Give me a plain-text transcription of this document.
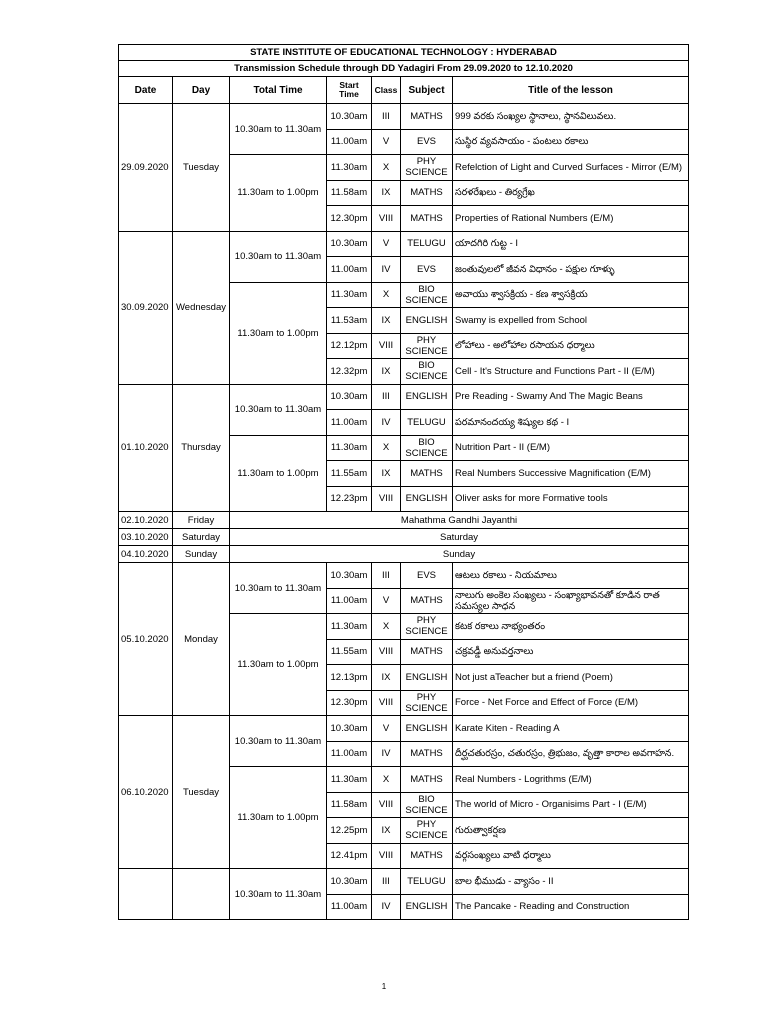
STATE INSTITUTE OF EDUCATIONAL TECHNOLOGY : HYDERABAD						
Transmission Schedule through DD Yadagiri From 29.09.2020 to 12.10.2020						
Date	Day	Total Time	Start Time	Class	Subject	Title of the lesson
29.09.2020	Tuesday	10.30am to 11.30am	10.30am	III	MATHS	999 వరకు సంఖ్యల స్థానాలు, స్థానవిలువలు.
			11.00am	V	EVS	సుస్థిర వ్యవసాయం - పంటలు రకాలు
		11.30am to 1.00pm	11.30am	X	PHY SCIENCE	Refelction of Light and Curved Surfaces - Mirror (E/M)
			11.58am	IX	MATHS	సరళరేఖలు - తిర్యగ్రేఖ
			12.30pm	VIII	MATHS	Properties of Rational Numbers (E/M)
30.09.2020	Wednesday	10.30am to 11.30am	10.30am	V	TELUGU	యాదగిరి గుట్ట - I
			11.00am	IV	EVS	జంతువులలో జీవన విధానం - పక్షుల గూళ్ళు
		11.30am to 1.00pm	11.30am	X	BIO SCIENCE	అవాయు శ్వాసక్రియ - కణ శ్వాసక్రియ
			11.53am	IX	ENGLISH	Swamy is expelled from School
			12.12pm	VIII	PHY SCIENCE	లోహాలు - అలోహాల రసాయన ధర్మాలు
			12.32pm	IX	BIO SCIENCE	Cell - It's Structure and Functions Part - II (E/M)
01.10.2020	Thursday	10.30am to 11.30am	10.30am	III	ENGLISH	Pre Reading - Swamy And The Magic Beans
			11.00am	IV	TELUGU	పరమానందయ్య శిష్యుల కథ - I
		11.30am to 1.00pm	11.30am	X	BIO SCIENCE	Nutrition Part - II (E/M)
			11.55am	IX	MATHS	Real Numbers Successive Magnification (E/M)
			12.23pm	VIII	ENGLISH	Oliver asks for more Formative tools
02.10.2020	Friday	Mahathma Gandhi Jayanthi				
03.10.2020	Saturday	Saturday				
04.10.2020	Sunday	Sunday				
05.10.2020	Monday	10.30am to 11.30am	10.30am	III	EVS	ఆటలు రకాలు - నియమాలు
			11.00am	V	MATHS	నాలుగు అంకెల సంఖ్యలు - సంఖ్యాభావనతో కూడిన రాత సమస్యల సాధన
		11.30am to 1.00pm	11.30am	X	PHY SCIENCE	కటక రకాలు నాభ్యంతరం
			11.55am	VIII	MATHS	చక్రవడ్డీ అనువర్తనాలు
			12.13pm	IX	ENGLISH	Not just aTeacher but a friend (Poem)
			12.30pm	VIII	PHY SCIENCE	Force - Net Force and Effect of Force (E/M)
06.10.2020	Tuesday	10.30am to 11.30am	10.30am	V	ENGLISH	Karate Kiten - Reading A
			11.00am	IV	MATHS	దీర్ఘచతురస్రం, చతురస్రం, త్రిభుజం, వృత్తా కారాల అవగాహన.
		11.30am to 1.00pm	11.30am	X	MATHS	Real Numbers - Logrithms (E/M)
			11.58am	VIII	BIO SCIENCE	The world of Micro - Organisims Part - I (E/M)
			12.25pm	IX	PHY SCIENCE	గురుత్వాకర్షణ
			12.41pm	VIII	MATHS	వర్గసంఖ్యలు వాటి ధర్మాలు
		10.30am to 11.30am	10.30am	III	TELUGU	బాల భీముడు - వ్యాసం - II
			11.00am	IV	ENGLISH	The Pancake - Reading and Construction
1
